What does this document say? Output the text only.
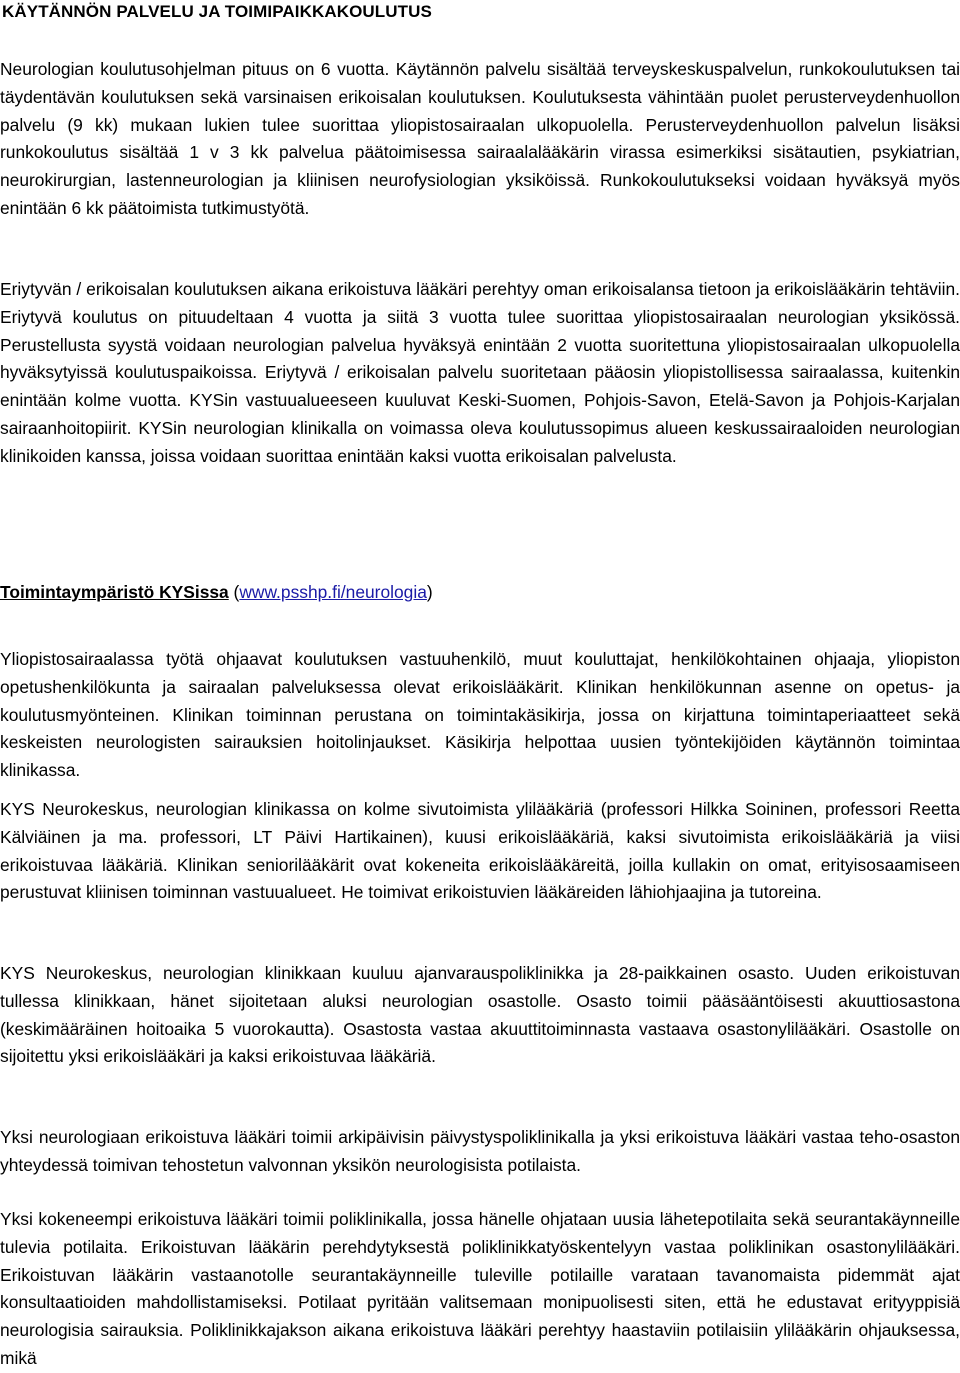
KÄYTÄNNÖN PALVELU JA TOIMIPAIKKAKOULUTUS

Neurologian koulutusohjelman pituus on 6 vuotta. Käytännön palvelu sisältää terveyskeskuspalvelun, runkokoulutuksen tai täydentävän koulutuksen sekä varsinaisen erikoisalan koulutuksen. Koulutuksesta vähintään puolet perusterveydenhuollon palvelu (9 kk) mukaan lukien tulee suorittaa yliopistosairaalan ulkopuolella. Perusterveydenhuollon palvelun lisäksi runkokoulutus sisältää 1 v 3 kk palvelua päätoimisessa sairaalalääkärin virassa esimerkiksi sisätautien, psykiatrian, neurokirurgian, lastenneurologian ja kliinisen neurofysiologian yksiköissä. Runkokoulutukseksi voidaan hyväksyä myös enintään 6 kk päätoimista tutkimustyötä.

Eriytyvän / erikoisalan koulutuksen aikana erikoistuva lääkäri perehtyy oman erikoisalansa tietoon ja erikoislääkärin tehtäviin. Eriytyvä koulutus on pituudeltaan 4 vuotta ja siitä 3 vuotta tulee suorittaa yliopistosairaalan neurologian yksikössä. Perustellusta syystä voidaan neurologian palvelua hyväksyä enintään 2 vuotta suoritettuna yliopistosairaalan ulkopuolella hyväksytyissä koulutuspaikoissa. Eriytyvä / erikoisalan palvelu suoritetaan pääosin yliopistollisessa sairaalassa, kuitenkin enintään kolme vuotta. KYSin vastuualueeseen kuuluvat Keski-Suomen, Pohjois-Savon, Etelä-Savon ja Pohjois-Karjalan sairaanhoitopiirit. KYSin neurologian klinikalla on voimassa oleva koulutussopimus alueen keskussairaaloiden neurologian klinikoiden kanssa, joissa voidaan suorittaa enintään kaksi vuotta erikoisalan palvelusta.

Toimintaympäristö KYSissa (www.psshp.fi/neurologia)

Yliopistosairaalassa työtä ohjaavat koulutuksen vastuuhenkilö, muut kouluttajat, henkilökohtainen ohjaaja, yliopiston opetushenkilökunta ja sairaalan palveluksessa olevat erikoislääkärit. Klinikan henkilökunnan asenne on opetus- ja koulutusmyönteinen. Klinikan toiminnan perustana on toimintakäsikirja, jossa on kirjattuna toimintaperiaatteet sekä keskeisten neurologisten sairauksien hoitolinjaukset. Käsikirja helpottaa uusien työntekijöiden käytännön toimintaa klinikassa.

KYS Neurokeskus, neurologian klinikassa on kolme sivutoimista ylilääkäriä (professori Hilkka Soininen, professori Reetta Kälviäinen ja ma. professori, LT Päivi Hartikainen), kuusi erikoislääkäriä, kaksi sivutoimista erikoislääkäriä ja viisi erikoistuvaa lääkäriä. Klinikan seniorilääkärit ovat kokeneita erikoislääkäreitä, joilla kullakin on omat, erityisosaamiseen perustuvat kliinisen toiminnan vastuualueet. He toimivat erikoistuvien lääkäreiden lähiohjaajina ja tutoreina.

KYS Neurokeskus, neurologian klinikkaan kuuluu ajanvarauspoliklinikka ja 28-paikkainen osasto. Uuden erikoistuvan tullessa klinikkaan, hänet sijoitetaan aluksi neurologian osastolle. Osasto toimii pääsääntöisesti akuuttiosastona (keskimääräinen hoitoaika 5 vuorokautta). Osastosta vastaa akuuttitoiminnasta vastaava osastonylilääkäri. Osastolle on sijoitettu yksi erikoislääkäri ja kaksi erikoistuvaa lääkäriä.

Yksi neurologiaan erikoistuva lääkäri toimii arkipäivisin päivystyspoliklinikalla ja yksi erikoistuva lääkäri vastaa teho-osaston yhteydessä toimivan tehostetun valvonnan yksikön neurologisista potilaista.

Yksi kokeneempi erikoistuva lääkäri toimii poliklinikalla, jossa hänelle ohjataan uusia lähetepotilaita sekä seurantakäynneille tulevia potilaita. Erikoistuvan lääkärin perehdytyksestä poliklinikkatyöskentelyyn vastaa poliklinikan osastonylilääkäri. Erikoistuvan lääkärin vastaanotolle seurantakäynneille tuleville potilaille varataan tavanomaista pidemmät ajat konsultaatioiden mahdollistamiseksi. Potilaat pyritään valitsemaan monipuolisesti siten, että he edustavat erityyppisiä neurologisia sairauksia. Poliklinikkajakson aikana erikoistuva lääkäri perehtyy haastaviin potilaisiin ylilääkärin ohjauksessa, mikä
